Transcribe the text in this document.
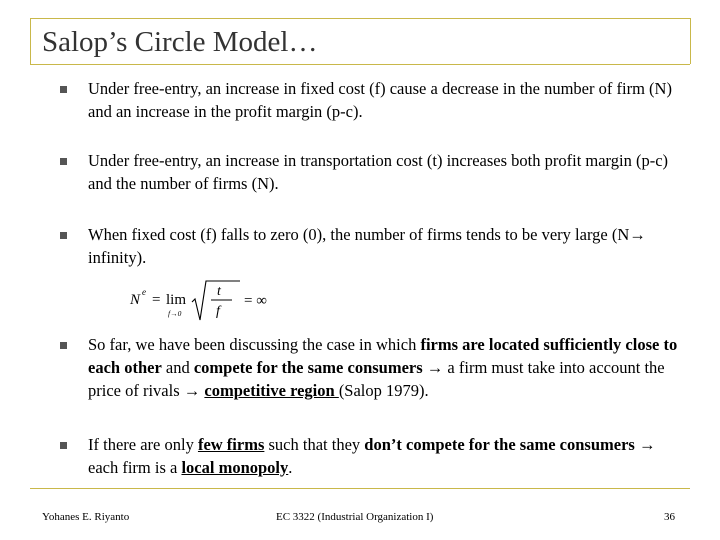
Salop’s Circle Model…

Under free-entry, an increase in fixed cost (f) cause a decrease in the number of firm (N) and an increase in the profit margin (p-c).

Under free-entry, an increase in transportation cost (t) increases both profit margin (p-c) and the number of firms (N).

When fixed cost (f) falls to zero (0), the number of firms tends to be very large (N→ infinity).

N e = lim
f→0
t
f
= ∞

So far, we have been discussing the case in which firms are located sufficiently close to each other and compete for the same consumers → a firm must take into account the price of rivals → competitive region (Salop 1979).

If there are only few firms such that they don’t compete for the same consumers → each firm is a local monopoly.

Yohanes E. Riyanto	EC 3322 (Industrial Organization I)	36
